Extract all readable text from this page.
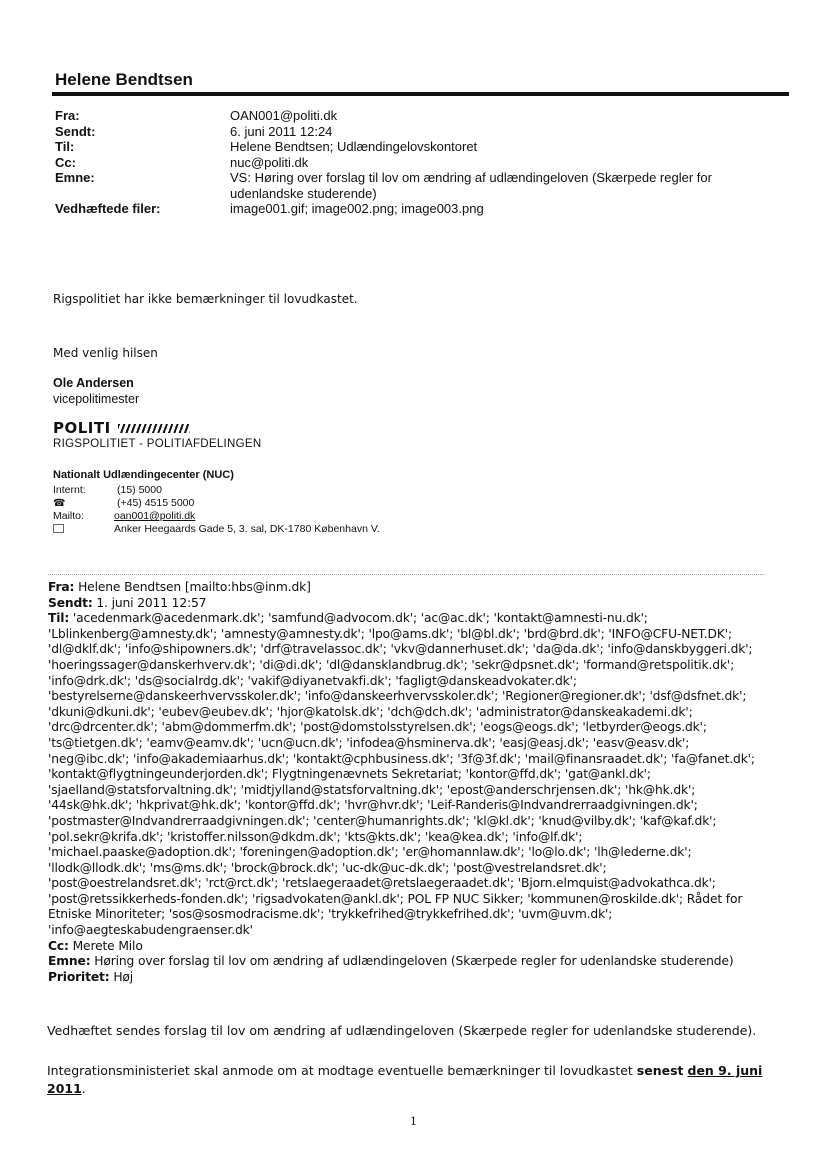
Helene Bendtsen
Fra:	OAN001@politi.dk
Sendt:	6. juni 2011 12:24
Til:	Helene Bendtsen; Udlændingelovskontoret
Cc:	nuc@politi.dk
Emne:	VS: Høring over forslag til lov om ændring af udlændingeloven (Skærpede regler for udenlandske studerende)
Vedhæftede filer:	image001.gif; image002.png; image003.png
Rigspolitiet har ikke bemærkninger til lovudkastet.
Med venlig hilsen
Ole Andersen
vicepolitimester
POLITI
RIGSPOLITIET - POLITIAFDELINGEN
Nationalt Udlændingecenter (NUC)
Internt:	(15) 5000
☎	(+45) 4515 5000
Mailto:	oan001@politi.dk
Anker Heegaards Gade 5, 3. sal, DK-1780 København V.
Fra: Helene Bendtsen [mailto:hbs@inm.dk]
Sendt: 1. juni 2011 12:57
Til: 'acedenmark@acedenmark.dk'; 'samfund@advocom.dk'; 'ac@ac.dk'; 'kontakt@amnesti-nu.dk';
'Lblinkenberg@amnesty.dk'; 'amnesty@amnesty.dk'; 'lpo@ams.dk'; 'bl@bl.dk'; 'brd@brd.dk'; 'INFO@CFU-NET.DK';
'dl@dklf.dk'; 'info@shipowners.dk'; 'drf@travelassoc.dk'; 'vkv@dannerhuset.dk'; 'da@da.dk'; 'info@danskbyggeri.dk';
'hoeringssager@danskerhverv.dk'; 'di@di.dk'; 'dl@dansklandbrug.dk'; 'sekr@dpsnet.dk'; 'formand@retspolitik.dk';
'info@drk.dk'; 'ds@socialrdg.dk'; 'vakif@diyanetvakfi.dk'; 'fagligt@danskeadvokater.dk';
'bestyrelserne@danskeerhvervsskoler.dk'; 'info@danskeerhvervsskoler.dk'; 'Regioner@regioner.dk'; 'dsf@dsfnet.dk';
'dkuni@dkuni.dk'; 'eubev@eubev.dk'; 'hjor@katolsk.dk'; 'dch@dch.dk'; 'administrator@danskeakademi.dk';
'drc@drcenter.dk'; 'abm@dommerfm.dk'; 'post@domstolsstyrelsen.dk'; 'eogs@eogs.dk'; 'letbyrder@eogs.dk';
'ts@tietgen.dk'; 'eamv@eamv.dk'; 'ucn@ucn.dk'; 'infodea@hsminerva.dk'; 'easj@easj.dk'; 'easv@easv.dk';
'neg@ibc.dk'; 'info@akademiaarhus.dk'; 'kontakt@cphbusiness.dk'; '3f@3f.dk'; 'mail@finansraadet.dk'; 'fa@fanet.dk';
'kontakt@flygtningeunderjorden.dk'; Flygtningenævnets Sekretariat; 'kontor@ffd.dk'; 'gat@ankl.dk';
'sjaelland@statsforvaltning.dk'; 'midtjylland@statsforvaltning.dk'; 'epost@anderschrjensen.dk'; 'hk@hk.dk';
'44sk@hk.dk'; 'hkprivat@hk.dk'; 'kontor@ffd.dk'; 'hvr@hvr.dk'; 'Leif-Randeris@Indvandrerraadgivningen.dk';
'postmaster@Indvandrerraadgivningen.dk'; 'center@humanrights.dk'; 'kl@kl.dk'; 'knud@vilby.dk'; 'kaf@kaf.dk';
'pol.sekr@krifa.dk'; 'kristoffer.nilsson@dkdm.dk'; 'kts@kts.dk'; 'kea@kea.dk'; 'info@lf.dk';
'michael.paaske@adoption.dk'; 'foreningen@adoption.dk'; 'er@homannlaw.dk'; 'lo@lo.dk'; 'lh@lederne.dk';
'llodk@llodk.dk'; 'ms@ms.dk'; 'brock@brock.dk'; 'uc-dk@uc-dk.dk'; 'post@vestrelandsret.dk';
'post@oestrelandsret.dk'; 'rct@rct.dk'; 'retslaegeraadet@retslaegeraadet.dk'; 'Bjorn.elmquist@advokathca.dk';
'post@retssikkerheds-fonden.dk'; 'rigsadvokaten@ankl.dk'; POL FP NUC Sikker; 'kommunen@roskilde.dk'; Rådet for
Etniske Minoriteter; 'sos@sosmodracisme.dk'; 'trykkefrihed@trykkefrihed.dk'; 'uvm@uvm.dk';
'info@aegteskabudengraenser.dk'
Cc: Merete Milo
Emne: Høring over forslag til lov om ændring af udlændingeloven (Skærpede regler for udenlandske studerende)
Prioritet: Høj
Vedhæftet sendes forslag til lov om ændring af udlændingeloven (Skærpede regler for udenlandske studerende).
Integrationsministeriet skal anmode om at modtage eventuelle bemærkninger til lovudkastet senest den 9. juni
2011.
1
